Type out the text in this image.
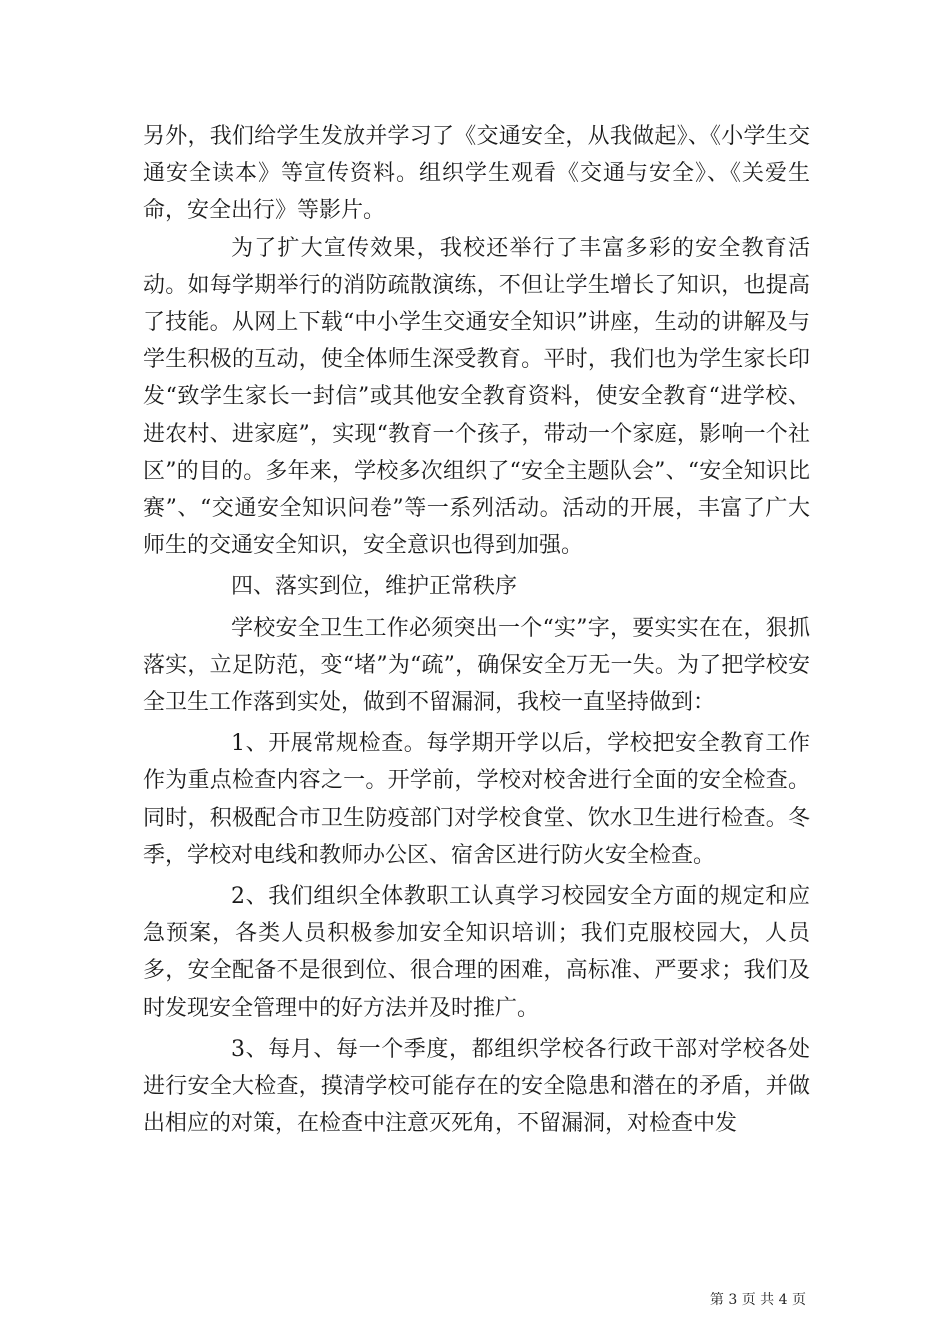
另外，我们给学生发放并学习了《交通安全，从我做起》、《小学生交通安全读本》等宣传资料。组织学生观看《交通与安全》、《关爱生命，安全出行》等影片。

为了扩大宣传效果，我校还举行了丰富多彩的安全教育活动。如每学期举行的消防疏散演练，不但让学生增长了知识，也提高了技能。从网上下载“中小学生交通安全知识”讲座，生动的讲解及与学生积极的互动，使全体师生深受教育。平时，我们也为学生家长印发“致学生家长一封信”或其他安全教育资料，使安全教育“进学校、进农村、进家庭”，实现“教育一个孩子，带动一个家庭，影响一个社区”的目的。多年来，学校多次组织了“安全主题队会”、“安全知识比赛”、“交通安全知识问卷”等一系列活动。活动的开展，丰富了广大师生的交通安全知识，安全意识也得到加强。

四、落实到位，维护正常秩序

学校安全卫生工作必须突出一个“实”字，要实实在在，狠抓落实，立足防范，变“堵”为“疏”，确保安全万无一失。为了把学校安全卫生工作落到实处，做到不留漏洞，我校一直坚持做到：

1、开展常规检查。每学期开学以后，学校把安全教育工作作为重点检查内容之一。开学前，学校对校舍进行全面的安全检查。同时，积极配合市卫生防疫部门对学校食堂、饮水卫生进行检查。冬季，学校对电线和教师办公区、宿舍区进行防火安全检查。

2、我们组织全体教职工认真学习校园安全方面的规定和应急预案，各类人员积极参加安全知识培训；我们克服校园大，人员多，安全配备不是很到位、很合理的困难，高标准、严要求；我们及时发现安全管理中的好方法并及时推广。

3、每月、每一个季度，都组织学校各行政干部对学校各处进行安全大检查，摸清学校可能存在的安全隐患和潜在的矛盾，并做出相应的对策，在检查中注意灭死角，不留漏洞，对检查中发

第 3 页 共 4 页
